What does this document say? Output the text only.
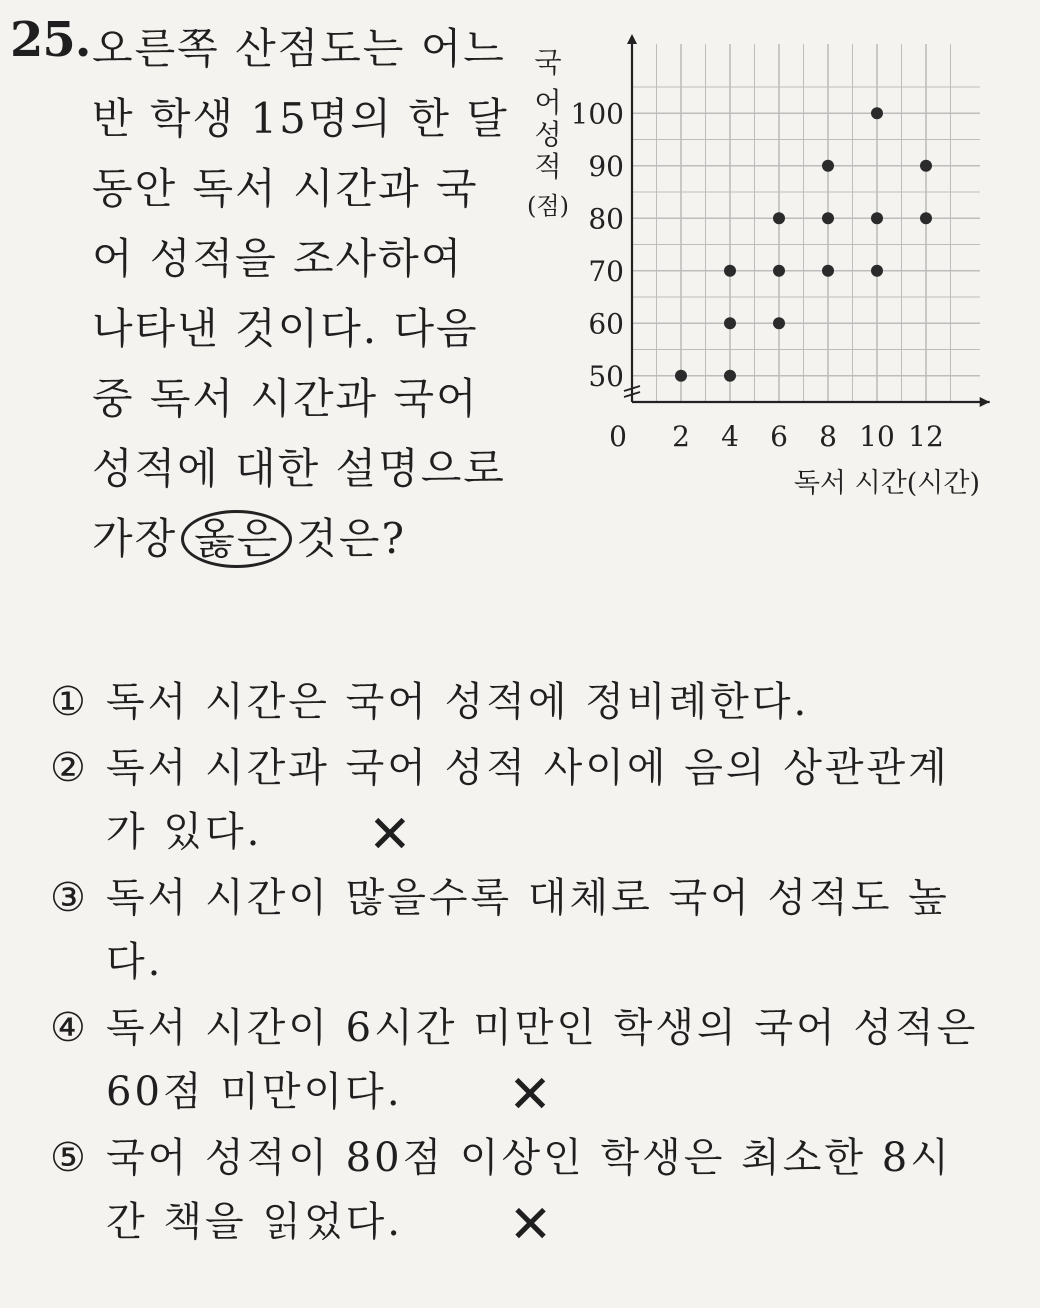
25. 오른쪽 산점도는 어느
반 학생 15명의 한 달
동안 독서 시간과 국
어 성적을 조사하여
나타낸 것이다. 다음
중 독서 시간과 국어
성적에 대한 설명으로
가장 옳은 것은?
0 2 4 6 8 10 12
50
60
70
80
90
100
독서 시간(시간)
국
어
성
적
(점)
① 독서 시간은 국어 성적에 정비례한다.
② 독서 시간과 국어 성적 사이에 음의 상관관계
가 있다. ✕
③ 독서 시간이 많을수록 대체로 국어 성적도 높
다.
④ 독서 시간이 6시간 미만인 학생의 국어 성적은
60점 미만이다. ✕
⑤ 국어 성적이 80점 이상인 학생은 최소한 8시
간 책을 읽었다. ✕
